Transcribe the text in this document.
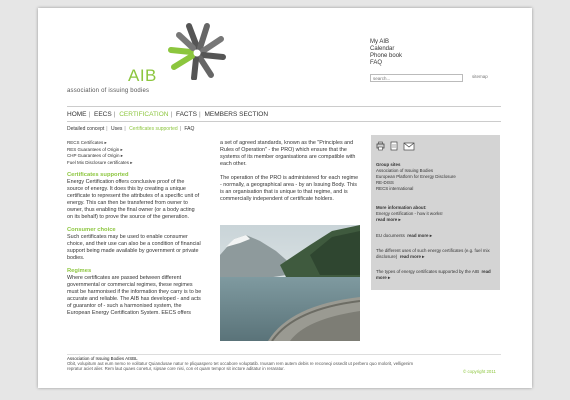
AIB
association of issuing bodies
My AIB
Calendar
Phone book
FAQ
search...
sitemap
HOME | EECS | CERTIFICATION | FACTS | MEMBERS SECTION
Detailed concept | Uses | Certificates supported | FAQ
RECS Certificates ▸
RES Guarantees of Origin ▸
CHP Guarantees of Origin ▸
Fuel Mix Disclosure certificates ▸
Certificates supported

Energy Certification offers conclusive proof of the source of energy. It does this by creating a unique certificate to represent the attributes of a specific unit of energy. This can then be transferred from owner to owner, thus enabling the final owner (or a body acting on its behalf) to prove the source of the generation.

Consumer choice

Such certificates may be used to enable consumer choice, and their use can also be a condition of financial support being made available by government or private bodies.

Regimes

Where certificates are passed between different governmental or commercial regimes, these regimes must be harmonised if the information they carry is to be accurate and reliable. The AIB has developed - and acts of guarantor of - such a harmonised system, the European Energy Certification System. EECS offers

a set of agreed standards, known as the "Principles and Rules of Operation" - the PRO) which ensure that the systems of its member organisations are compatible with each other.

The operation of the PRO is administered for each regime - normally, a geographical area - by an Issuing Body. This is an organisation that is unique to that regime, and is commercially independent of certificate holders.

Group sites
Association of Issuing Bodies
European Platform for Energy Disclosure
RE-DISS
RECS international
More information about:
Energy certification - how it works!
read more ▸
EU documents read more ▸
The different uses of such energy certificates (e.g. fuel mix disclosure) read more ▸
The types of energy certificates supported by the AIB read more ▸
Association of Issuing Bodies AISBL
Obit, volupitum aut eum nemo re volitatur Quiandusae natur re pliquaspero tet occabore voluptatib. Inusam rem autem debis re reconeqi ossedit ut perbero quo molorit, velligenim repratur aciet alier. Rem laut quaes conetur, sipsae core nisi, con et quam tempor sit inctore aditatur in reraratur.
© copyright 2011
